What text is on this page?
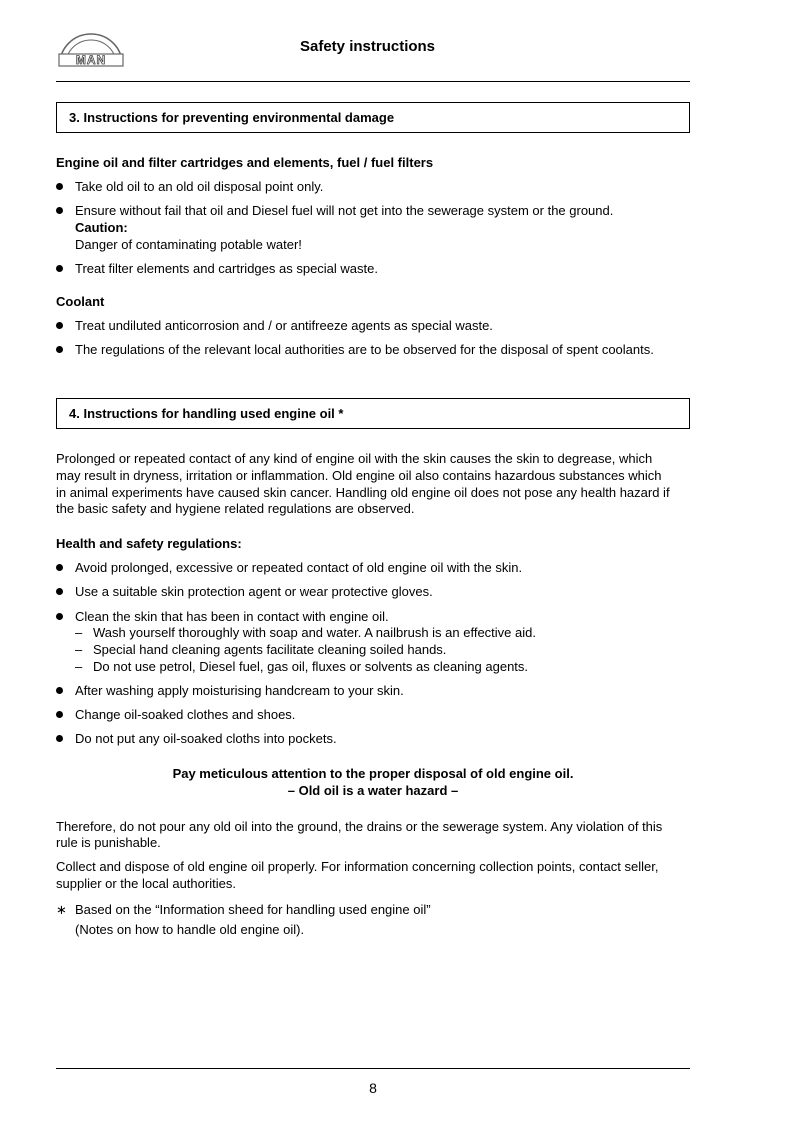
MAN
Safety instructions
3. Instructions for preventing environmental damage
Engine oil and filter cartridges and elements, fuel / fuel filters
Take old oil to an old oil disposal point only.
Ensure without fail that oil and Diesel fuel will not get into the sewerage system or the ground.
Caution:
Danger of contaminating potable water!
Treat filter elements and cartridges as special waste.
Coolant
Treat undiluted anticorrosion and / or antifreeze agents as special waste.
The regulations of the relevant local authorities are to be observed for the disposal of spent coolants.
4. Instructions for handling used engine oil *
Prolonged or repeated contact of any kind of engine oil with the skin causes the skin to degrease, which
may result in dryness, irritation or inflammation. Old engine oil also contains hazardous substances which
in animal experiments have caused skin cancer. Handling old engine oil does not pose any health hazard if
the basic safety and hygiene related regulations are observed.
Health and safety regulations:
Avoid prolonged, excessive or repeated contact of old engine oil with the skin.
Use a suitable skin protection agent or wear protective gloves.
Clean the skin that has been in contact with engine oil.
– Wash yourself thoroughly with soap and water. A nailbrush is an effective aid.
– Special hand cleaning agents facilitate cleaning soiled hands.
– Do not use petrol, Diesel fuel, gas oil, fluxes or solvents as cleaning agents.
After washing apply moisturising handcream to your skin.
Change oil-soaked clothes and shoes.
Do not put any oil-soaked cloths into pockets.
Pay meticulous attention to the proper disposal of old engine oil.
– Old oil is a water hazard –
Therefore, do not pour any old oil into the ground, the drains or the sewerage system. Any violation of this
rule is punishable.
Collect and dispose of old engine oil properly. For information concerning collection points, contact seller,
supplier or the local authorities.
∗ Based on the “Information sheed for handling used engine oil”
(Notes on how to handle old engine oil).
8
